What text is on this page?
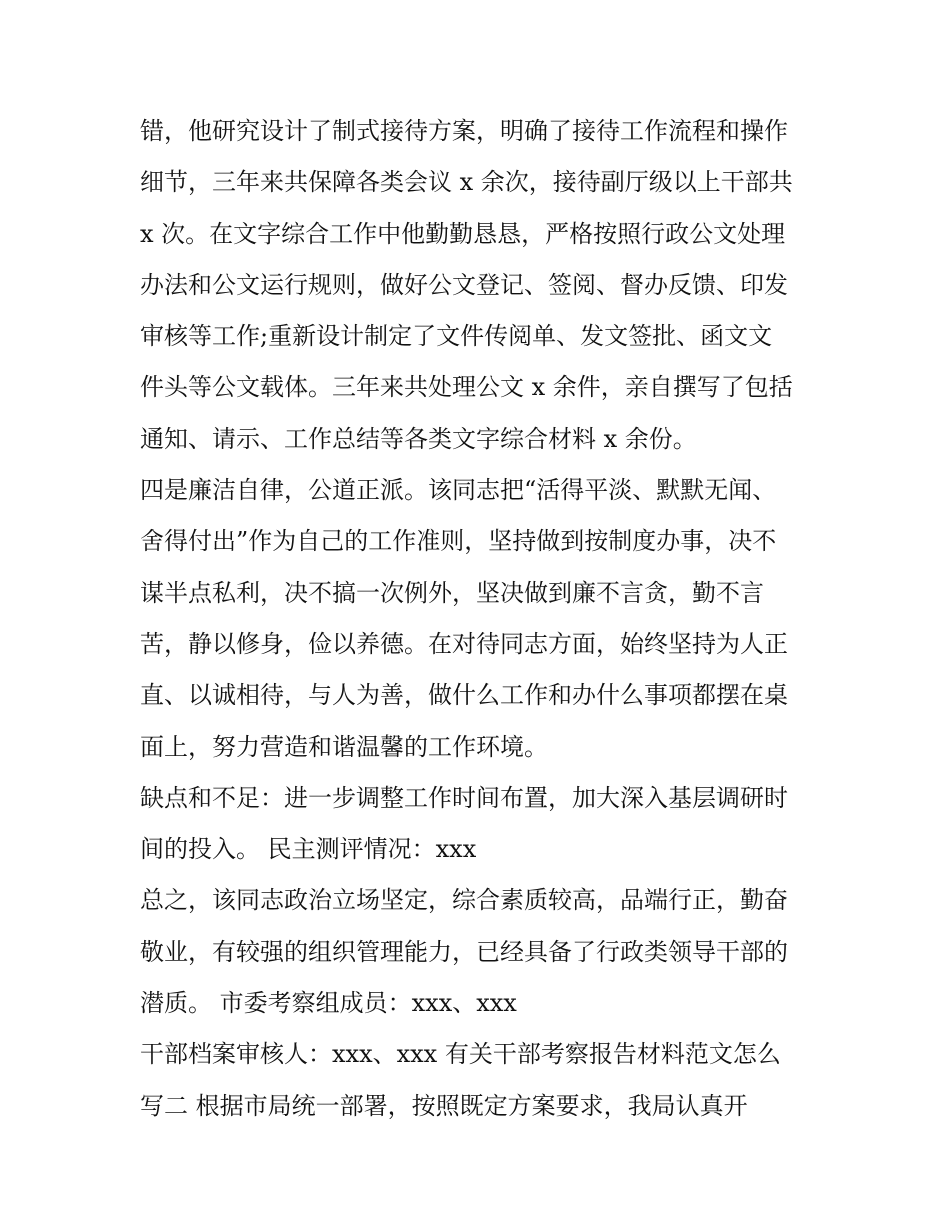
错，他研究设计了制式接待方案，明确了接待工作流程和操作
细节，三年来共保障各类会议 x 余次，接待副厅级以上干部共
x 次。在文字综合工作中他勤勤恳恳，严格按照行政公文处理
办法和公文运行规则，做好公文登记、签阅、督办反馈、印发
审核等工作;重新设计制定了文件传阅单、发文签批、函文文
件头等公文载体。三年来共处理公文 x 余件，亲自撰写了包括
通知、请示、工作总结等各类文字综合材料 x 余份。
四是廉洁自律，公道正派。该同志把“活得平淡、默默无闻、
舍得付出”作为自己的工作准则，坚持做到按制度办事，决不
谋半点私利，决不搞一次例外，坚决做到廉不言贪，勤不言
苦，静以修身，俭以养德。在对待同志方面，始终坚持为人正
直、以诚相待，与人为善，做什么工作和办什么事项都摆在桌
面上，努力营造和谐温馨的工作环境。
缺点和不足：进一步调整工作时间布置，加大深入基层调研时
间的投入。 民主测评情况：xxx
总之，该同志政治立场坚定，综合素质较高，品端行正，勤奋
敬业，有较强的组织管理能力，已经具备了行政类领导干部的
潜质。 市委考察组成员：xxx、xxx
干部档案审核人：xxx、xxx 有关干部考察报告材料范文怎么
写二 根据市局统一部署，按照既定方案要求，我局认真开
